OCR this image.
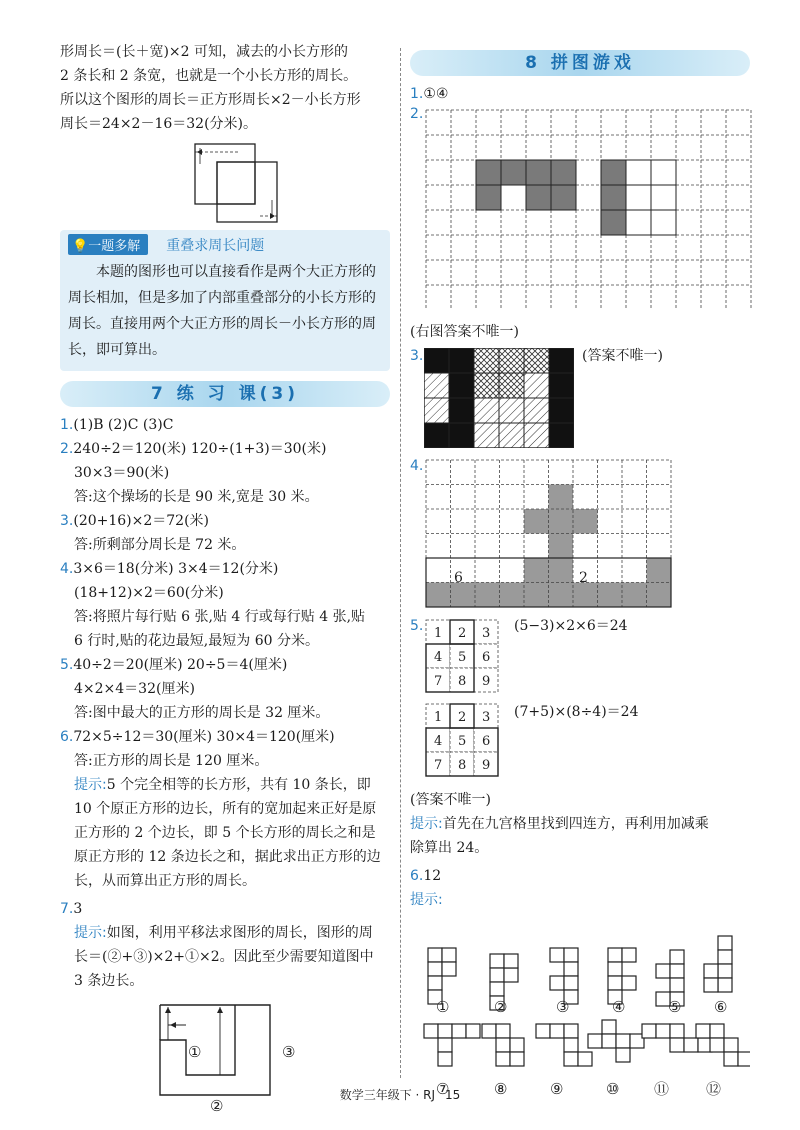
形周长＝(长＋宽)×2 可知，减去的小长方形的

2 条长和 2 条宽，也就是一个小长方形的周长。

所以这个图形的周长＝正方形周长×2－小长方形

周长＝24×2－16＝32(分米)。

💡一题多解	重叠求周长问题

本题的图形也可以直接看作是两个大正方形的周长相加，但是多加了内部重叠部分的小长方形的周长。直接用两个大正方形的周长－小长方形的周长，即可算出。

7 练 习 课(3)

1.(1)B (2)C (3)C

2.240÷2＝120(米) 120÷(1+3)＝30(米)

30×3＝90(米)

答:这个操场的长是 90 米,宽是 30 米。

3.(20+16)×2＝72(米)

答:所剩部分周长是 72 米。

4.3×6＝18(分米) 3×4＝12(分米)

(18+12)×2＝60(分米)

答:将照片每行贴 6 张,贴 4 行或每行贴 4 张,贴

6 行时,贴的花边最短,最短为 60 分米。

5.40÷2＝20(厘米) 20÷5＝4(厘米)

4×2×4＝32(厘米)

答:图中最大的正方形的周长是 32 厘米。

6.72×5÷12＝30(厘米) 30×4＝120(厘米)

答:正方形的周长是 120 厘米。

提示:5 个完全相等的长方形，共有 10 条长，即

10 个原正方形的边长，所有的宽加起来正好是原

正方形的 2 个边长，即 5 个长方形的周长之和是

原正方形的 12 条边长之和，据此求出正方形的边

长，从而算出正方形的周长。

7.3

提示:如图，利用平移法求图形的周长，图形的周

长＝(②+③)×2+①×2。因此至少需要知道图中

3 条边长。

①	③
②
8 拼图游戏

1.①④

2.

(右图答案不唯一)

3.	(答案不唯一)
4.
6	2
5. 1 2 3
4 5 6
7 8 9
(5−3)×2×6＝24
1 2 3
4 5 6
7 8 9
(7+5)×(8÷4)＝24

(答案不唯一)

提示:首先在九宫格里找到四连方，再利用加减乘

除算出 24。

6.12

提示:

①	②	③	④	⑤ ⑥
⑦	⑧	⑨	⑩ ⑪ ⑫
数学三年级下 · RJ 15
